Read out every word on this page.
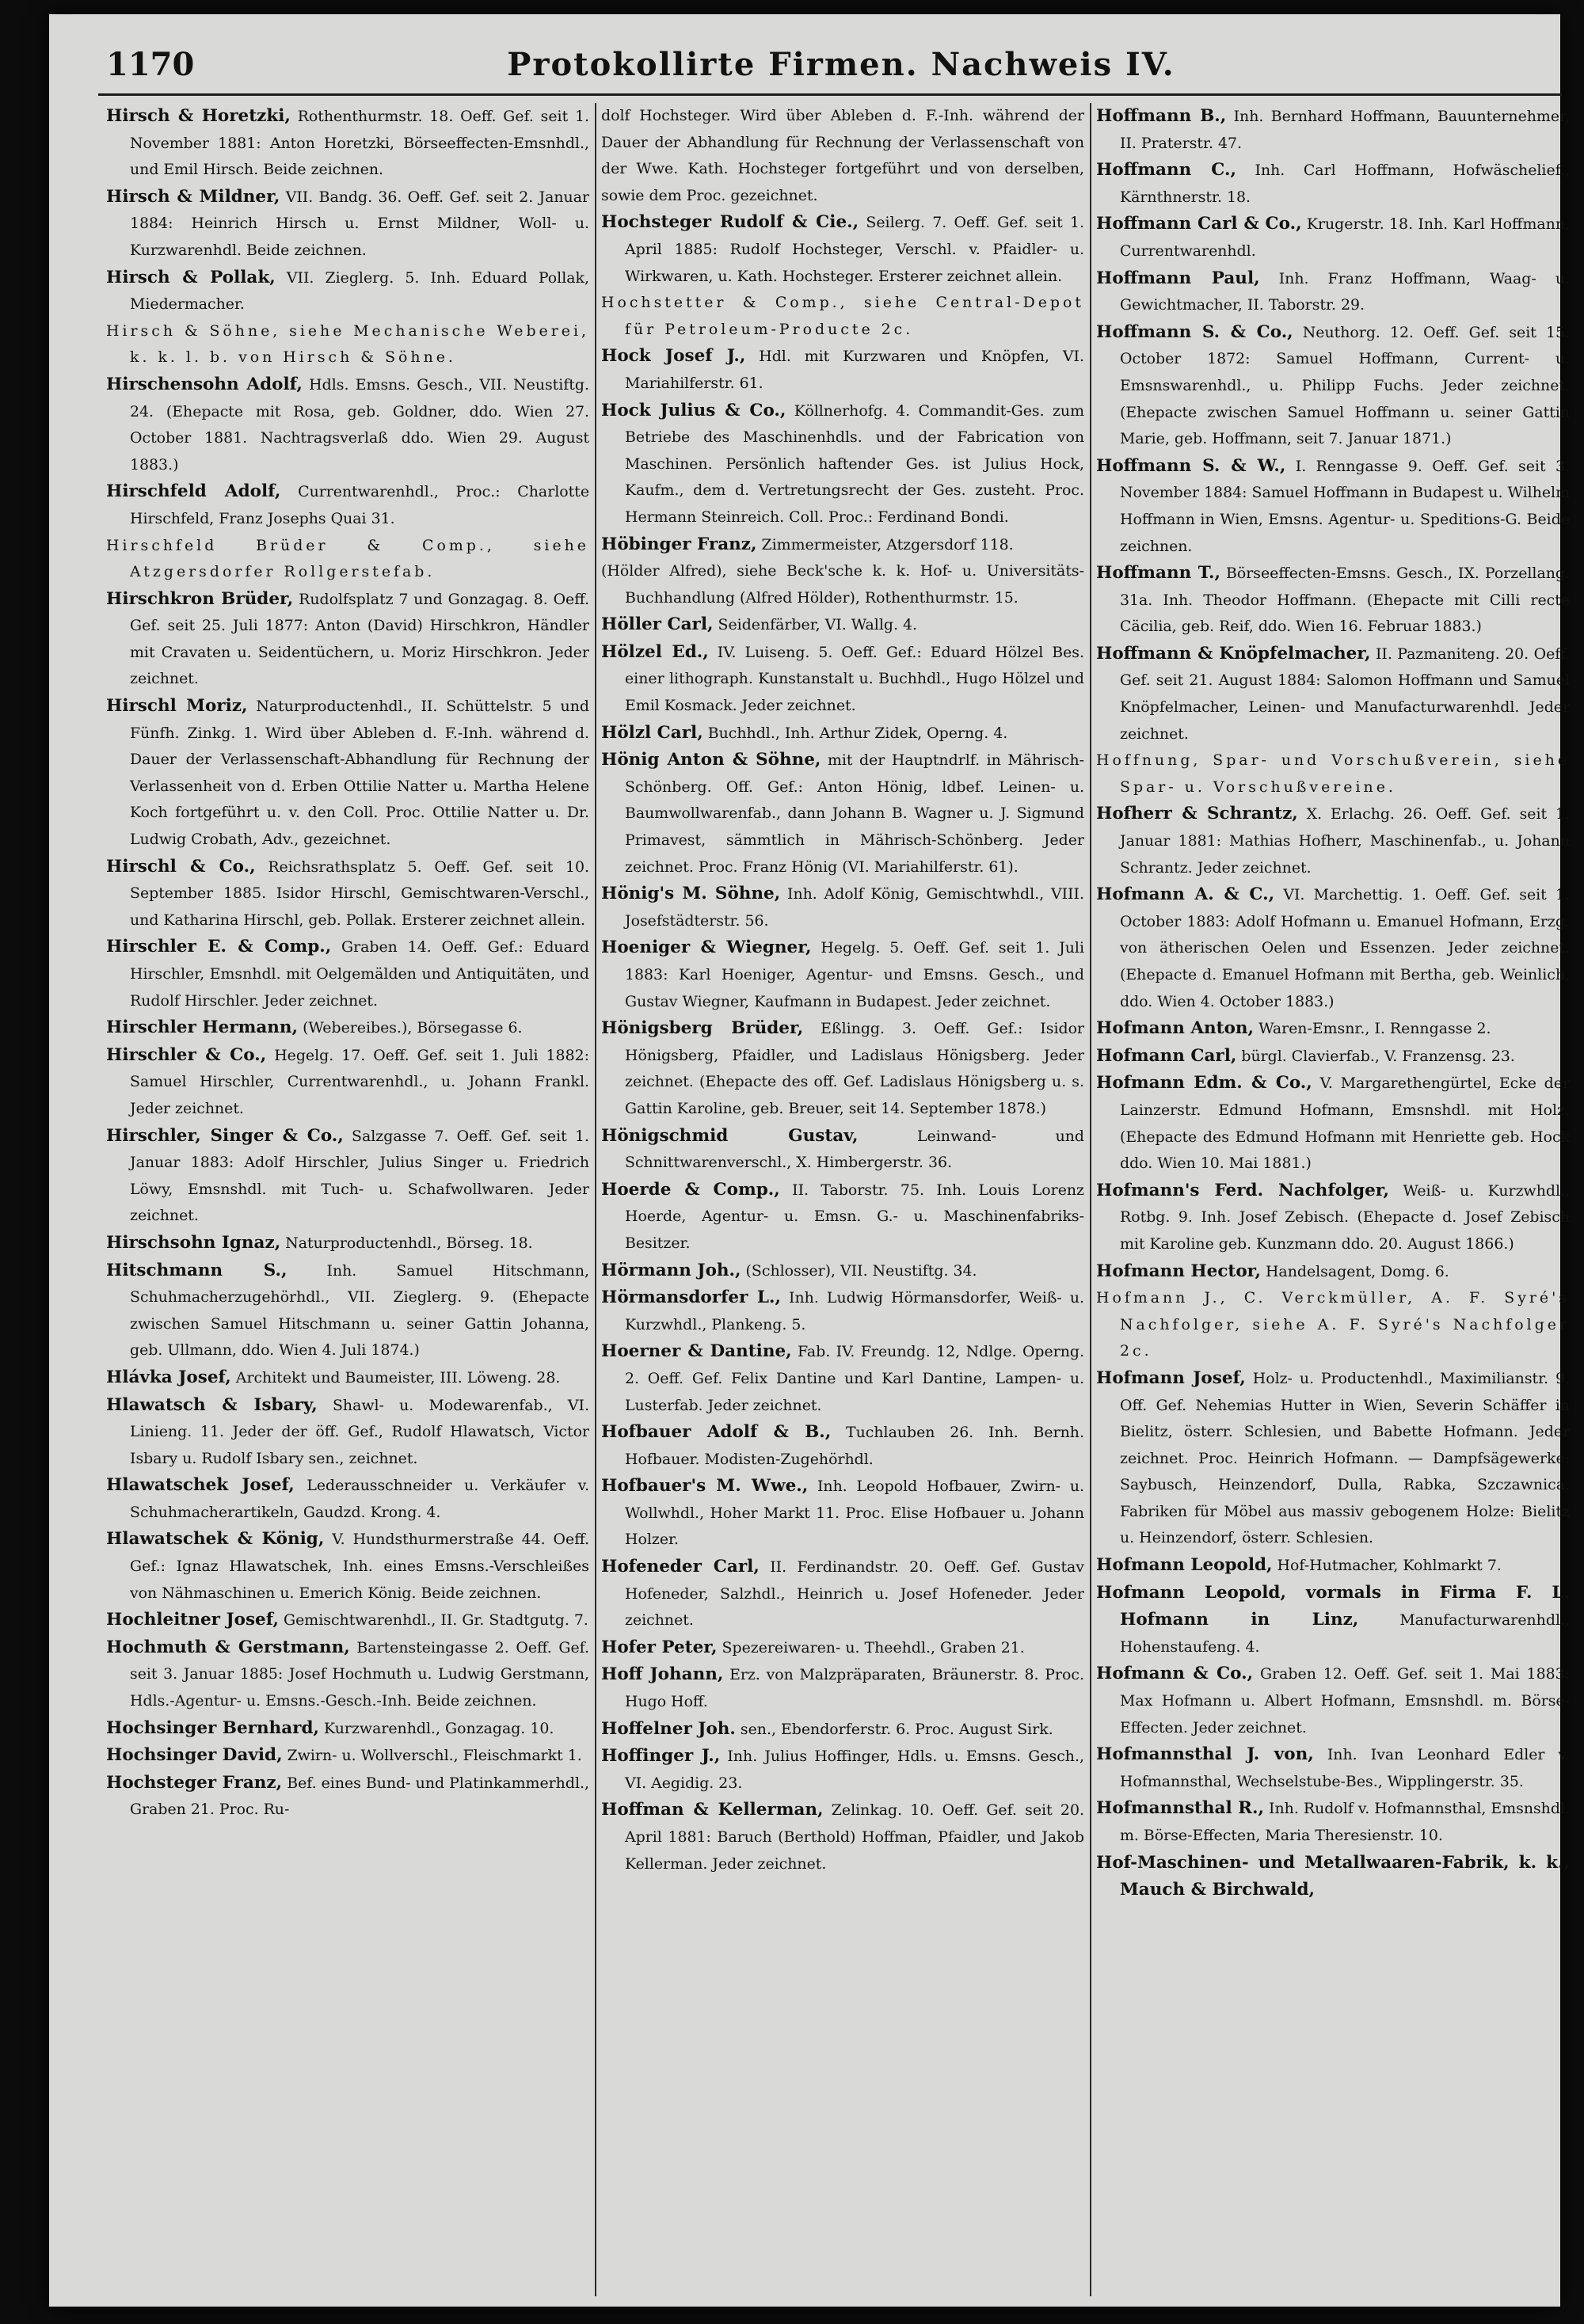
1170	Protokollirte Firmen. Nachweis IV.

Hirsch & Horetzki, Rothenthurmstr. 18. Oeff. Gef. seit 1. November 1881: Anton Horetzki, Börseeffecten-Emsnhdl., und Emil Hirsch. Beide zeichnen.

Hirsch & Mildner, VII. Bandg. 36. Oeff. Gef. seit 2. Januar 1884: Heinrich Hirsch u. Ernst Mildner, Woll- u. Kurzwarenhdl. Beide zeichnen.

Hirsch & Pollak, VII. Zieglerg. 5. Inh. Eduard Pollak, Miedermacher.

Hirsch & Söhne, siehe Mechanische Weberei, k. k. l. b. von Hirsch & Söhne.

Hirschensohn Adolf, Hdls. Emsns. Gesch., VII. Neustiftg. 24. (Ehepacte mit Rosa, geb. Goldner, ddo. Wien 27. October 1881. Nachtragsverlaß ddo. Wien 29. August 1883.)

Hirschfeld Adolf, Currentwarenhdl., Proc.: Charlotte Hirschfeld, Franz Josephs Quai 31.

Hirschfeld Brüder & Comp., siehe Atzgersdorfer Rollgerstefab.

Hirschkron Brüder, Rudolfsplatz 7 und Gonzagag. 8. Oeff. Gef. seit 25. Juli 1877: Anton (David) Hirschkron, Händler mit Cravaten u. Seidentüchern, u. Moriz Hirschkron. Jeder zeichnet.

Hirschl Moriz, Naturproductenhdl., II. Schüttelstr. 5 und Fünfh. Zinkg. 1. Wird über Ableben d. F.-Inh. während d. Dauer der Verlassenschaft-Abhandlung für Rechnung der Verlassenheit von d. Erben Ottilie Natter u. Martha Helene Koch fortgeführt u. v. den Coll. Proc. Ottilie Natter u. Dr. Ludwig Crobath, Adv., gezeichnet.

Hirschl & Co., Reichsrathsplatz 5. Oeff. Gef. seit 10. September 1885. Isidor Hirschl, Gemischtwaren-Verschl., und Katharina Hirschl, geb. Pollak. Ersterer zeichnet allein.

Hirschler E. & Comp., Graben 14. Oeff. Gef.: Eduard Hirschler, Emsnhdl. mit Oelgemälden und Antiquitäten, und Rudolf Hirschler. Jeder zeichnet.

Hirschler Hermann, (Webereibes.), Börsegasse 6.

Hirschler & Co., Hegelg. 17. Oeff. Gef. seit 1. Juli 1882: Samuel Hirschler, Currentwarenhdl., u. Johann Frankl. Jeder zeichnet.

Hirschler, Singer & Co., Salzgasse 7. Oeff. Gef. seit 1. Januar 1883: Adolf Hirschler, Julius Singer u. Friedrich Löwy, Emsnshdl. mit Tuch- u. Schafwollwaren. Jeder zeichnet.

Hirschsohn Ignaz, Naturproductenhdl., Börseg. 18.

Hitschmann S.,	Inh. Samuel Hitschmann, Schuhmacherzugehörhdl., VII. Zieglerg. 9. (Ehepacte zwischen Samuel Hitschmann u. seiner Gattin Johanna, geb. Ullmann, ddo. Wien 4. Juli 1874.)

Hlávka Josef, Architekt und Baumeister, III. Löweng. 28.

Hlawatsch & Isbary, Shawl- u. Modewarenfab., VI. Linieng. 11. Jeder der öff. Gef., Rudolf Hlawatsch, Victor Isbary u. Rudolf Isbary sen., zeichnet.

Hlawatschek Josef, Lederausschneider u. Verkäufer v. Schuhmacherartikeln, Gaudzd. Krong. 4.

Hlawatschek & König, V. Hundsthurmerstraße 44. Oeff. Gef.: Ignaz Hlawatschek, Inh. eines Emsns.-Verschleißes von Nähmaschinen u. Emerich König. Beide zeichnen.

Hochleitner Josef, Gemischtwarenhdl., II. Gr. Stadtgutg. 7.

Hochmuth & Gerstmann, Bartensteingasse 2. Oeff. Gef. seit 3. Januar 1885: Josef Hochmuth u. Ludwig Gerstmann, Hdls.-Agentur- u. Emsns.-Gesch.-Inh. Beide zeichnen.

Hochsinger Bernhard, Kurzwarenhdl., Gonzagag. 10.

Hochsinger David, Zwirn- u. Wollverschl., Fleischmarkt 1.

Hochsteger Franz, Bef. eines Bund- und Platinkammerhdl., Graben 21. Proc. Ru-

dolf Hochsteger. Wird über Ableben d. F.-Inh. während der Dauer der Abhandlung für Rechnung der Verlassenschaft von der Wwe. Kath. Hochsteger fortgeführt und von derselben, sowie dem Proc. gezeichnet.

Hochsteger Rudolf & Cie., Seilerg. 7. Oeff. Gef. seit 1. April 1885: Rudolf Hochsteger, Verschl. v. Pfaidler- u. Wirkwaren, u. Kath. Hochsteger. Ersterer zeichnet allein.

Hochstetter & Comp., siehe Central-Depot für Petroleum-Producte 2c.

Hock Josef J., Hdl. mit Kurzwaren und Knöpfen, VI. Mariahilferstr. 61.

Hock Julius & Co., Köllnerhofg. 4. Commandit-Ges. zum Betriebe des Maschinenhdls. und der Fabrication von Maschinen. Persönlich haftender Ges. ist Julius Hock, Kaufm., dem d. Vertretungsrecht der Ges. zusteht. Proc. Hermann Steinreich. Coll. Proc.: Ferdinand Bondi.

Höbinger Franz, Zimmermeister, Atzgersdorf 118.

(Hölder Alfred), siehe Beck'sche k. k. Hof- u. Universitäts-Buchhandlung (Alfred Hölder), Rothenthurmstr. 15.

Höller Carl, Seidenfärber, VI. Wallg. 4.

Hölzel Ed., IV. Luiseng. 5. Oeff. Gef.: Eduard Hölzel Bes. einer lithograph. Kunstanstalt u. Buchhdl., Hugo Hölzel und Emil Kosmack. Jeder zeichnet.

Hölzl Carl, Buchhdl., Inh. Arthur Zidek, Operng. 4.

Hönig Anton & Söhne, mit der Hauptndrlf. in Mährisch-Schönberg. Off. Gef.: Anton Hönig, ldbef. Leinen- u. Baumwollwarenfab., dann Johann B. Wagner u. J. Sigmund Primavest, sämmtlich in Mährisch-Schönberg. Jeder zeichnet. Proc. Franz Hönig (VI. Mariahilferstr. 61).

Hönig's M. Söhne, Inh. Adolf König, Gemischtwhdl., VIII. Josefstädterstr. 56.

Hoeniger & Wiegner, Hegelg. 5. Oeff. Gef. seit 1. Juli 1883: Karl Hoeniger, Agentur- und Emsns. Gesch., und Gustav Wiegner, Kaufmann in Budapest. Jeder zeichnet.

Hönigsberg Brüder, Eßlingg. 3. Oeff. Gef.: Isidor Hönigsberg, Pfaidler, und Ladislaus Hönigsberg. Jeder zeichnet. (Ehepacte des off. Gef. Ladislaus Hönigsberg u. s. Gattin Karoline, geb. Breuer, seit 14. September 1878.)

Hönigschmid Gustav,	Leinwand- und Schnittwarenverschl., X. Himbergerstr. 36.

Hoerde & Comp., II. Taborstr. 75. Inh. Louis Lorenz Hoerde, Agentur- u. Emsn. G.- u. Maschinenfabriks-Besitzer.

Hörmann Joh., (Schlosser), VII. Neustiftg. 34.

Hörmansdorfer L., Inh. Ludwig Hörmansdorfer, Weiß- u. Kurzwhdl., Plankeng. 5.

Hoerner & Dantine, Fab. IV. Freundg. 12, Ndlge. Operng. 2. Oeff. Gef. Felix Dantine und Karl Dantine, Lampen- u. Lusterfab. Jeder zeichnet.

Hofbauer Adolf & B., Tuchlauben 26. Inh. Bernh. Hofbauer. Modisten-Zugehörhdl.

Hofbauer's M. Wwe., Inh. Leopold Hofbauer, Zwirn- u. Wollwhdl., Hoher Markt 11. Proc. Elise Hofbauer u. Johann Holzer.

Hofeneder Carl, II. Ferdinandstr. 20. Oeff. Gef. Gustav Hofeneder, Salzhdl., Heinrich u. Josef Hofeneder. Jeder zeichnet.

Hofer Peter, Spezereiwaren- u. Theehdl., Graben 21.

Hoff Johann, Erz. von Malzpräparaten, Bräunerstr. 8. Proc. Hugo Hoff.

Hoffelner Joh. sen., Ebendorferstr. 6. Proc. August Sirk.

Hoffinger J., Inh. Julius Hoffinger, Hdls. u. Emsns. Gesch., VI. Aegidig. 23.

Hoffman & Kellerman, Zelinkag. 10. Oeff. Gef. seit 20. April 1881: Baruch (Berthold) Hoffman, Pfaidler, und Jakob Kellerman. Jeder zeichnet.

Hoffmann B., Inh. Bernhard Hoffmann, Bauunternehmer, II. Praterstr. 47.

Hoffmann C., Inh. Carl Hoffmann, Hofwäschelief., Kärnthnerstr. 18.

Hoffmann Carl & Co., Krugerstr. 18. Inh. Karl Hoffmann, Currentwarenhdl.

Hoffmann Paul, Inh. Franz Hoffmann, Waag- u. Gewichtmacher, II. Taborstr. 29.

Hoffmann S. & Co., Neuthorg. 12. Oeff. Gef. seit 15. October 1872: Samuel Hoffmann, Current- u. Emsnswarenhdl., u. Philipp Fuchs. Jeder zeichnet. (Ehepacte zwischen Samuel Hoffmann u. seiner Gattin Marie, geb. Hoffmann, seit 7. Januar 1871.)

Hoffmann S. & W., I. Renngasse 9. Oeff. Gef. seit 3. November 1884: Samuel Hoffmann in Budapest u. Wilhelm Hoffmann in Wien, Emsns. Agentur- u. Speditions-G. Beide zeichnen.

Hoffmann T., Börseeffecten-Emsns. Gesch., IX. Porzellang. 31a. Inh. Theodor Hoffmann. (Ehepacte mit Cilli recte Cäcilia, geb. Reif, ddo. Wien 16. Februar 1883.)

Hoffmann & Knöpfelmacher, II. Pazmaniteng. 20. Oeff. Gef. seit 21. August 1884: Salomon Hoffmann und Samuel Knöpfelmacher, Leinen- und Manufacturwarenhdl. Jeder zeichnet.

Hoffnung, Spar- und Vorschußverein, siehe Spar- u. Vorschußvereine.

Hofherr & Schrantz, X. Erlachg. 26. Oeff. Gef. seit 1. Januar 1881: Mathias Hofherr, Maschinenfab., u. Johann Schrantz. Jeder zeichnet.

Hofmann A. & C., VI. Marchettig. 1. Oeff. Gef. seit 1. October 1883: Adolf Hofmann u. Emanuel Hofmann, Erzg. von ätherischen Oelen und Essenzen. Jeder zeichnet. (Ehepacte d. Emanuel Hofmann mit Bertha, geb. Weinlich, ddo. Wien 4. October 1883.)

Hofmann Anton, Waren-Emsnr., I. Renngasse 2.

Hofmann Carl, bürgl. Clavierfab., V. Franzensg. 23.

Hofmann Edm. & Co., V. Margarethengürtel, Ecke der Lainzerstr. Edmund Hofmann, Emsnshdl. mit Holz. (Ehepacte des Edmund Hofmann mit Henriette geb. Hock ddo. Wien 10. Mai 1881.)

Hofmann's Ferd. Nachfolger, Weiß- u. Kurzwhdl., Rotbg. 9. Inh. Josef Zebisch. (Ehepacte d. Josef Zebisch mit Karoline geb. Kunzmann ddo. 20. August 1866.)

Hofmann Hector, Handelsagent, Domg. 6.

Hofmann J., C. Verckmüller, A. F. Syré's Nachfolger, siehe A. F. Syré's Nachfolger 2c.

Hofmann Josef, Holz- u. Productenhdl., Maximilianstr. 9. Off. Gef. Nehemias Hutter in Wien, Severin Schäffer in Bielitz, österr. Schlesien, und Babette Hofmann. Jeder zeichnet. Proc. Heinrich Hofmann. — Dampfsägewerke: Saybusch, Heinzendorf, Dulla, Rabka, Szczawnica. Fabriken für Möbel aus massiv gebogenem Holze: Bielitz u. Heinzendorf, österr. Schlesien.

Hofmann Leopold, Hof-Hutmacher, Kohlmarkt 7.

Hofmann Leopold, vormals in Firma F. L. Hofmann in Linz,	Manufacturwarenhdl., Hohenstaufeng. 4.

Hofmann & Co., Graben 12. Oeff. Gef. seit 1. Mai 1883: Max Hofmann u. Albert Hofmann, Emsnshdl. m. Börse-Effecten. Jeder zeichnet.

Hofmannsthal J. von, Inh. Ivan Leonhard Edler v. Hofmannsthal, Wechselstube-Bes., Wipplingerstr. 35.

Hofmannsthal R., Inh. Rudolf v. Hofmannsthal, Emsnshdl. m. Börse-Effecten, Maria Theresienstr. 10.

Hof-Maschinen- und Metallwaaren-Fabrik, k. k., Mauch & Birchwald,
